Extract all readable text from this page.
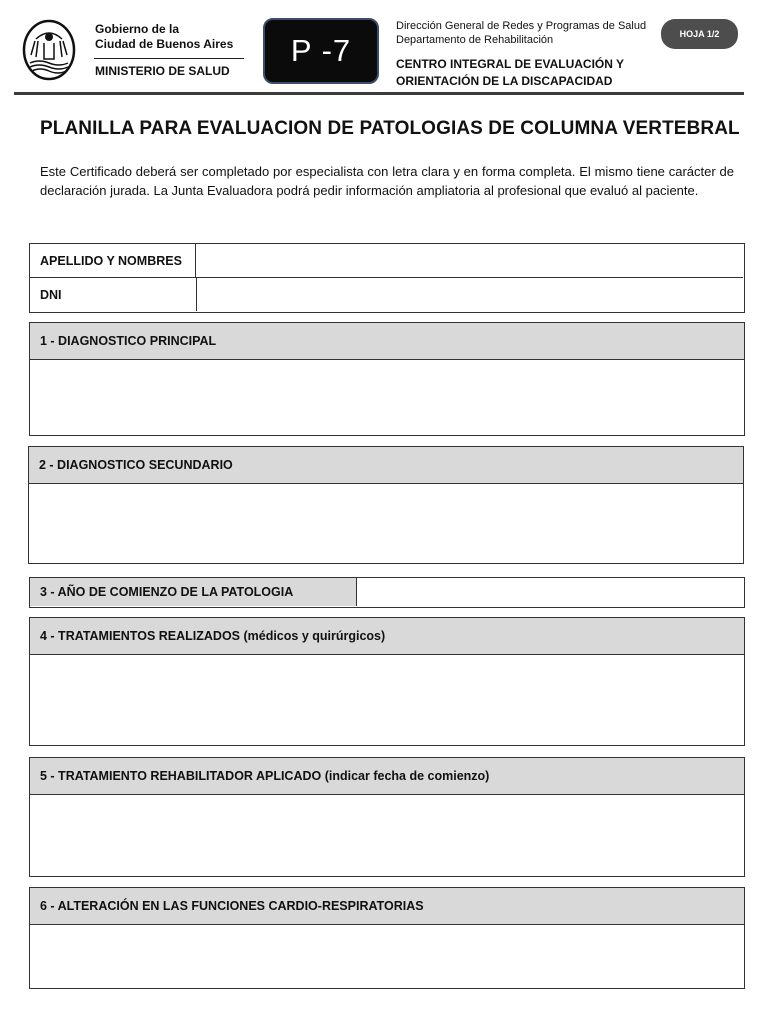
Gobierno de la
Ciudad de Buenos Aires
MINISTERIO DE SALUD
P -7
Dirección General de Redes y Programas de Salud
Departamento de Rehabilitación
CENTRO INTEGRAL DE EVALUACIÓN Y
ORIENTACIÓN DE LA DISCAPACIDAD
HOJA 1/2
PLANILLA PARA EVALUACION DE PATOLOGIAS DE COLUMNA VERTEBRAL
Este Certificado deberá ser completado por especialista con letra clara y en forma completa. El mismo tiene carácter de declaración jurada. La Junta Evaluadora podrá pedir información ampliatoria al profesional que evaluó al paciente.
APELLIDO Y NOMBRES
DNI
1 - DIAGNOSTICO PRINCIPAL
2 - DIAGNOSTICO SECUNDARIO
3 - AÑO DE COMIENZO DE LA PATOLOGIA
4 - TRATAMIENTOS REALIZADOS (médicos y quirúrgicos)
5 - TRATAMIENTO REHABILITADOR APLICADO (indicar fecha de comienzo)
6 - ALTERACIÓN EN LAS FUNCIONES CARDIO-RESPIRATORIAS
